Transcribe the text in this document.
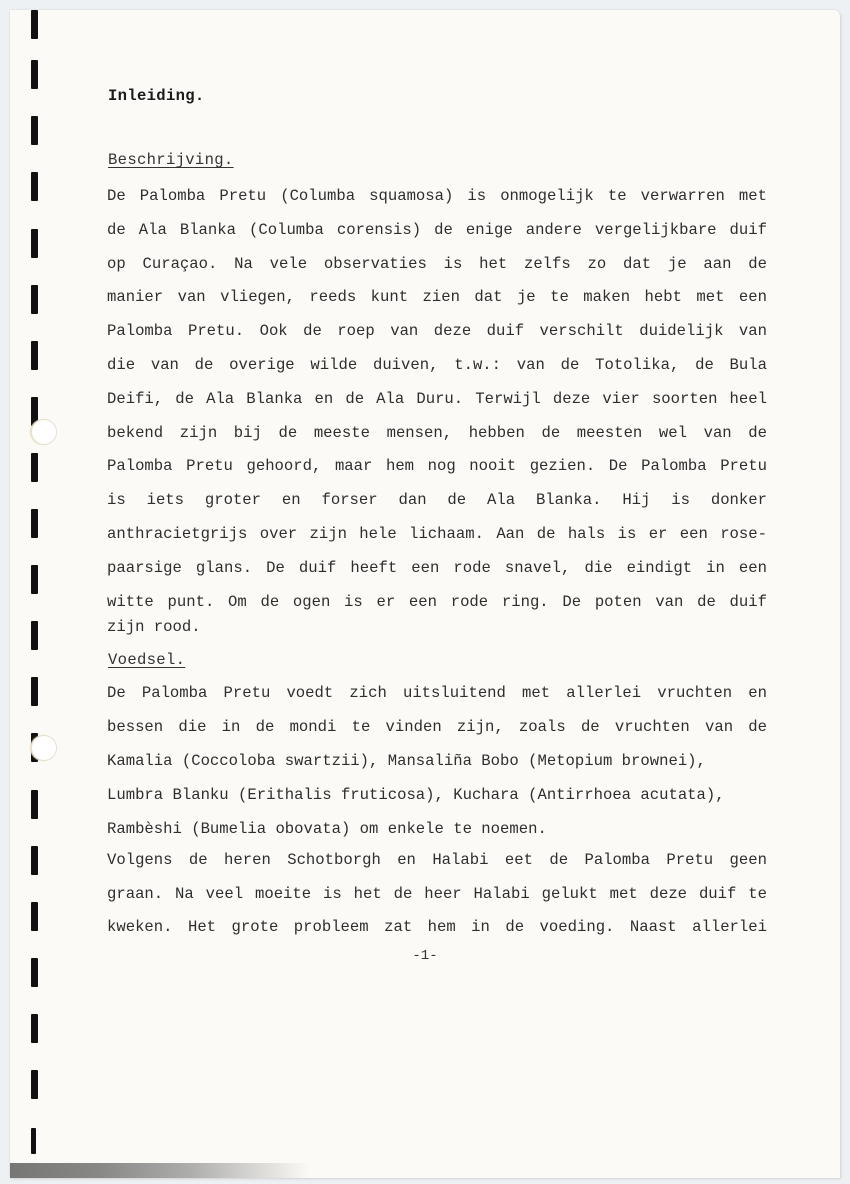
Inleiding.
Beschrijving.
De Palomba Pretu (Columba squamosa) is onmogelijk te verwarren met
de Ala Blanka (Columba corensis) de enige andere vergelijkbare duif
op Curaçao. Na vele observaties is het zelfs zo dat je aan de
manier van vliegen, reeds kunt zien dat je te maken hebt met een
Palomba Pretu. Ook de roep van deze duif verschilt duidelijk van
die van de overige wilde duiven, t.w.: van de Totolika, de Bula
Deifi, de Ala Blanka en de Ala Duru. Terwijl deze vier soorten heel
bekend zijn bij de meeste mensen, hebben de meesten wel van de
Palomba Pretu gehoord, maar hem nog nooit gezien. De Palomba Pretu
is iets groter en forser dan de Ala Blanka. Hij is donker
anthracietgrijs over zijn hele lichaam. Aan de hals is er een rose-
paarsige glans. De duif heeft een rode snavel, die eindigt in een
witte punt. Om de ogen is er een rode ring. De poten van de duif
zijn rood.
Voedsel.
De Palomba Pretu voedt zich uitsluitend met allerlei vruchten en
bessen die in de mondi te vinden zijn, zoals de vruchten van de
Kamalia (Coccoloba swartzii), Mansaliña Bobo (Metopium brownei),
Lumbra Blanku (Erithalis fruticosa), Kuchara (Antirrhoea acutata),
Rambèshi (Bumelia obovata) om enkele te noemen.
Volgens de heren Schotborgh en Halabi eet de Palomba Pretu geen
graan. Na veel moeite is het de heer Halabi gelukt met deze duif te
kweken. Het grote probleem zat hem in de voeding. Naast allerlei
-1-
